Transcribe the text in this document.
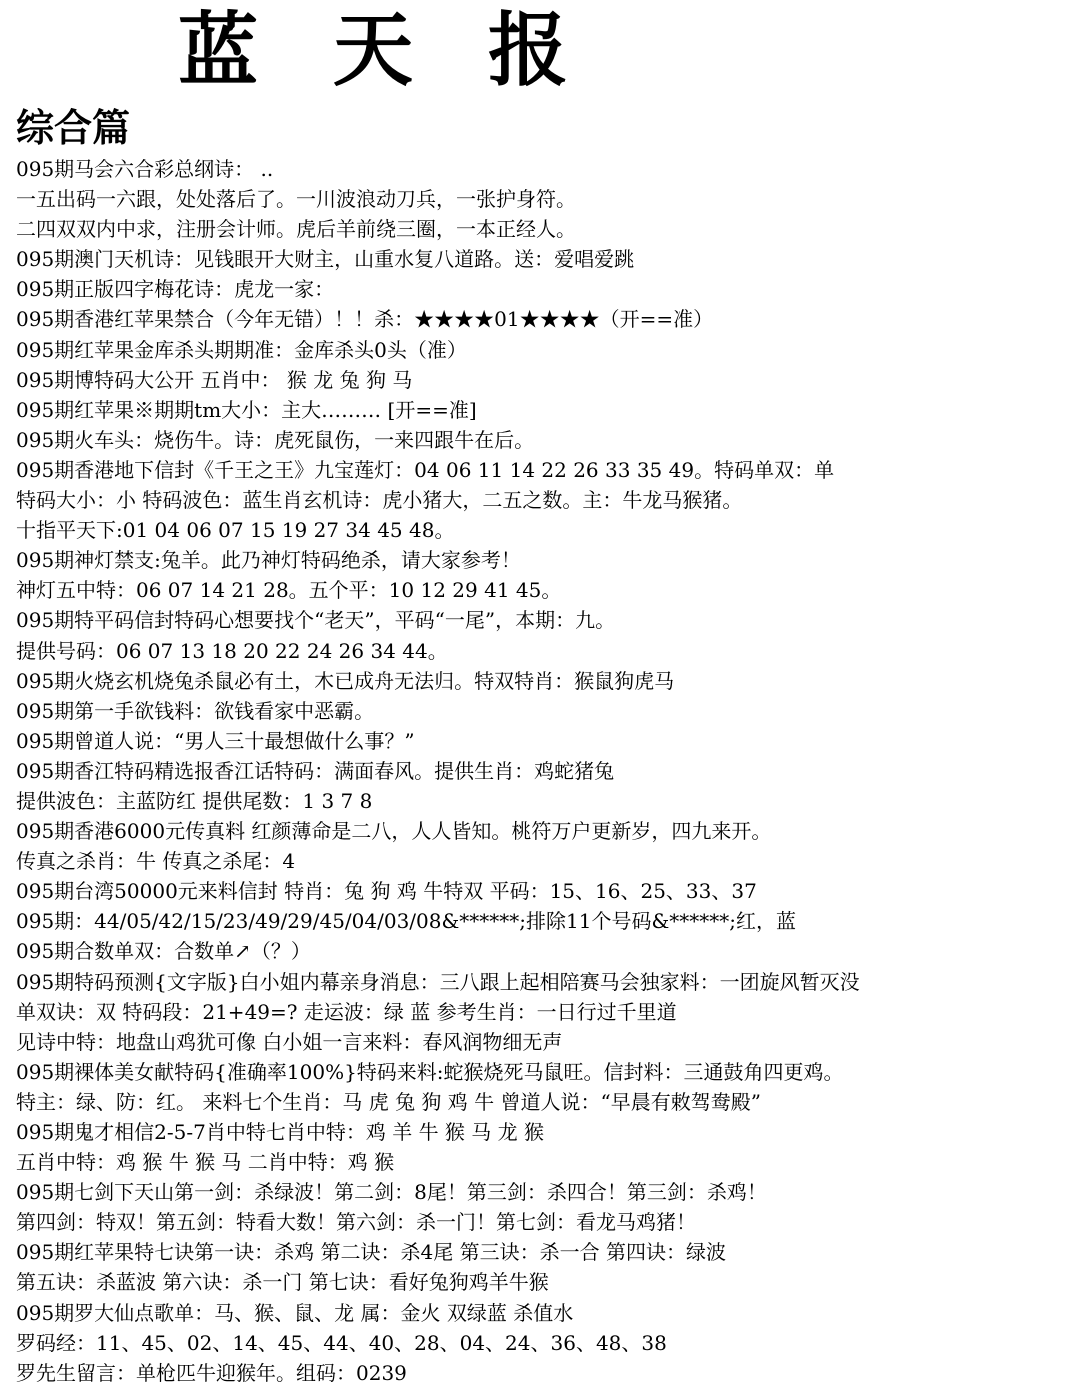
蓝 天 报
综合篇
095期马会六合彩总纲诗： ..
一五出码一六跟，处处落后了。一川波浪动刀兵，一张护身符。
二四双双内中求，注册会计师。虎后羊前绕三圈，一本正经人。
095期澳门天机诗：见钱眼开大财主，山重水复八道路。送：爱唱爱跳
095期正版四字梅花诗：虎龙一家：
095期香港红苹果禁合（今年无错）！！杀：★★★★01★★★★（开==准）
095期红苹果金库杀头期期准：金库杀头0头（准）
095期博特码大公开 五肖中： 猴 龙 兔 狗 马
095期红苹果※期期tm大小：主大……… [开==准]
095期火车头：烧伤牛。诗：虎死鼠伤，一来四跟牛在后。
095期香港地下信封《千王之王》九宝莲灯：04 06 11 14 22 26 33 35 49。特码单双：单
特码大小：小 特码波色：蓝生肖玄机诗：虎小猪大，二五之数。主：牛龙马猴猪。
十指平天下:01 04 06 07 15 19 27 34 45 48。
095期神灯禁支:兔羊。此乃神灯特码绝杀，请大家参考！
神灯五中特：06 07 14 21 28。五个平：10 12 29 41 45。
095期特平码信封特码心想要找个“老天”，平码“一尾”，本期：九。
提供号码：06 07 13 18 20 22 24 26 34 44。
095期火烧玄机烧兔杀鼠必有土，木已成舟无法归。特双特肖：猴鼠狗虎马
095期第一手欲钱料：欲钱看家中恶霸。
095期曾道人说：“男人三十最想做什么事？”
095期香江特码精选报香江话特码：满面春风。提供生肖：鸡蛇猪兔
提供波色：主蓝防红 提供尾数：1 3 7 8
095期香港6000元传真料 红颜薄命是二八，人人皆知。桃符万户更新岁，四九来开。
传真之杀肖：牛 传真之杀尾：4
095期台湾50000元来料信封 特肖：兔 狗 鸡 牛特双 平码：15、16、25、33、37
095期：44/05/42/15/23/49/29/45/04/03/08&******;排除11个号码&******;红，蓝
095期合数单双：合数单↗（？）
095期特码预测{文字版}白小姐内幕亲身消息：三八跟上起相陪赛马会独家料：一团旋风暂灭没
单双诀：双 特码段：21+49=? 走运波：绿 蓝 参考生肖：一日行过千里道
见诗中特：地盘山鸡犹可像 白小姐一言来料：春风润物细无声
095期裸体美女献特码{准确率100%}特码来料:蛇猴烧死马鼠旺。信封料：三通鼓角四更鸡。
特主：绿、防：红。 来料七个生肖：马 虎 兔 狗 鸡 牛 曾道人说：“早晨有敕驾鸯殿”
095期鬼才相信2-5-7肖中特七肖中特：鸡 羊 牛 猴 马 龙 猴
五肖中特：鸡 猴 牛 猴 马 二肖中特：鸡 猴
095期七剑下天山第一剑：杀绿波！第二剑：8尾！第三剑：杀四合！第三剑：杀鸡！
第四剑：特双！第五剑：特看大数！第六剑：杀一门！第七剑：看龙马鸡猪！
095期红苹果特七诀第一诀：杀鸡 第二诀：杀4尾 第三诀：杀一合 第四诀：绿波
第五诀：杀蓝波 第六诀：杀一门 第七诀：看好兔狗鸡羊牛猴
095期罗大仙点歌单：马、猴、鼠、龙 属：金火 双绿蓝 杀值水
罗码经：11、45、02、14、45、44、40、28、04、24、36、48、38
罗先生留言：单枪匹牛迎猴年。组码：0239
